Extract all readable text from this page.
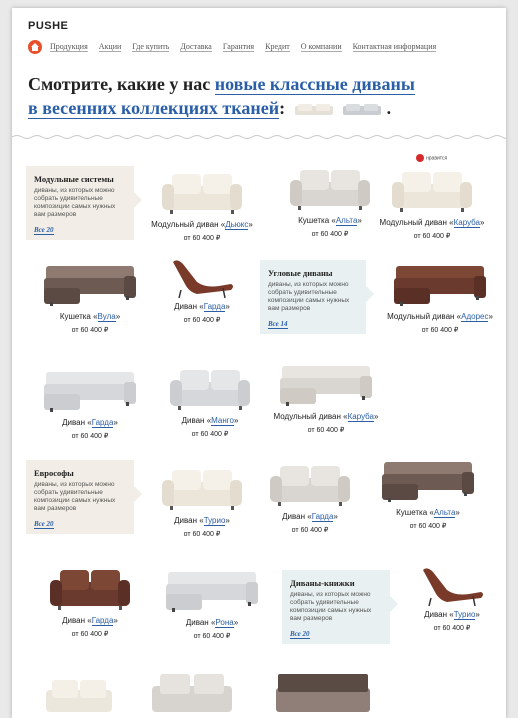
PUSHE
Продукция Акции Где купить Доставка Гарантия Кредит О компании Контактная информация
Смотрите, какие у нас новые классные диваны
в весенних коллекциях тканей:	.
нравится
Модульные системы
диваны, из которых можно собрать удивительные композиции самых нужных вам размеров
Все 20
Угловые диваны
диваны, из которых можно собрать удивительные композиции самых нужных вам размеров
Все 14
Еврософы
диваны, из которых можно собрать удивительные композиции самых нужных вам размеров
Все 20
Диваны-книжки
диваны, из которых можно собрать удивительные композиции самых нужных вам размеров
Все 20
Модульный диван «Дьюкс»
от 60 400 ₽
Кушетка «Альта»
от 60 400 ₽
Модульный диван «Каруба»
от 60 400 ₽
Кушетка «Вула»
от 60 400 ₽
Диван «Гарда»
от 60 400 ₽	Модульный диван «Адорес»
от 60 400 ₽
Диван «Гарда»
от 60 400 ₽
Диван «Манго»
от 60 400 ₽
Модульный диван «Каруба»
от 60 400 ₽
Диван «Турио»
от 60 400 ₽
Диван «Гарда»
от 60 400 ₽
Кушетка «Альта»
от 60 400 ₽
Диван «Гарда»
от 60 400 ₽
Диван «Рона»
от 60 400 ₽
Диван «Турио»
от 60 400 ₽
